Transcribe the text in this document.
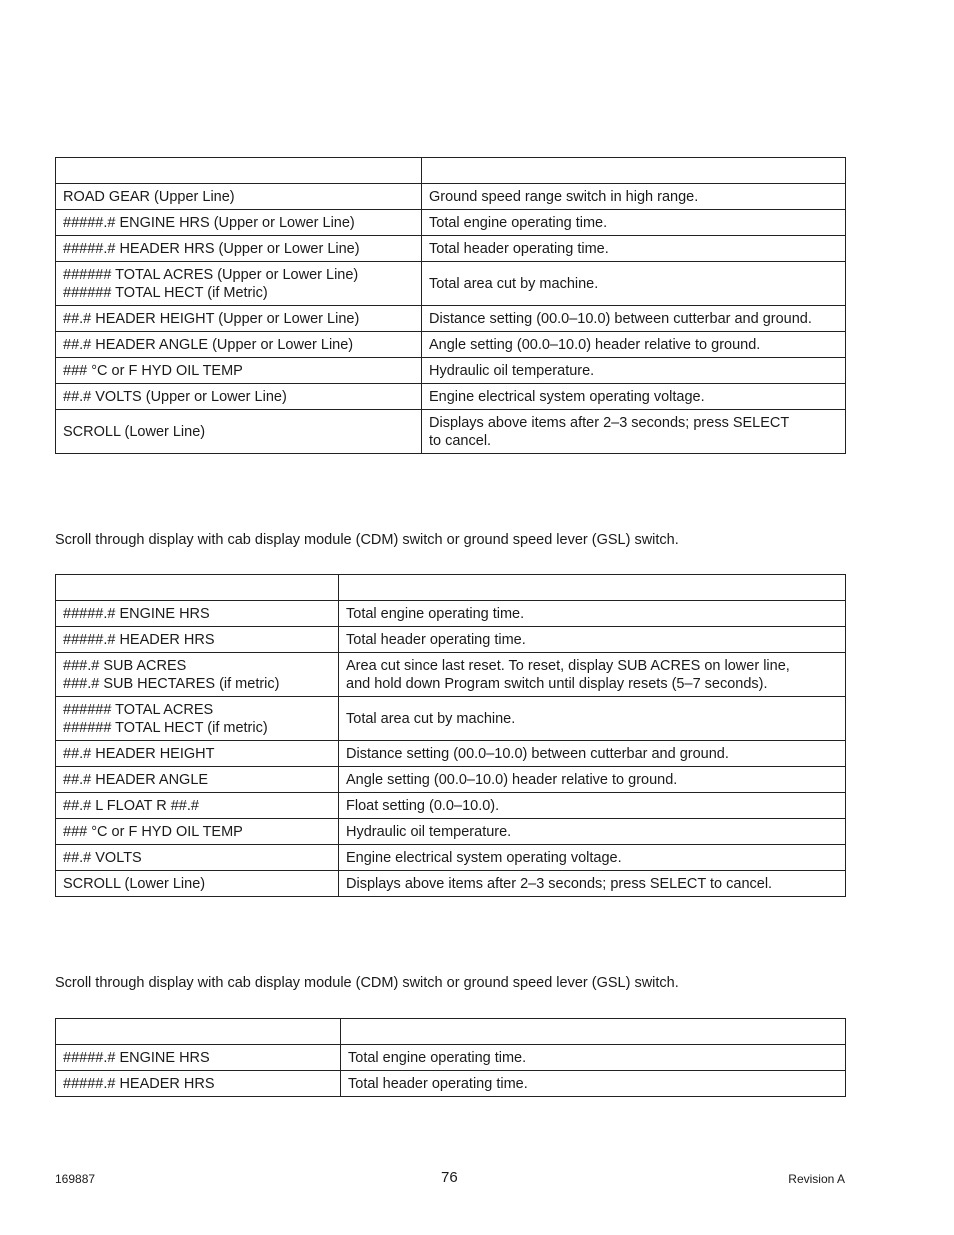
ROAD GEAR (Upper Line)	Ground speed range switch in high range.

#####.# ENGINE HRS (Upper or Lower Line)	Total engine operating time.

#####.# HEADER HRS (Upper or Lower Line)	Total header operating time.

###### TOTAL ACRES (Upper or Lower Line)
###### TOTAL HECT (if Metric)	Total area cut by machine.

##.# HEADER HEIGHT (Upper or Lower Line)	Distance setting (00.0–10.0) between cutterbar and ground.

##.# HEADER ANGLE (Upper or Lower Line)	Angle setting (00.0–10.0) header relative to ground.

### °C or F HYD OIL TEMP	Hydraulic oil temperature.

##.# VOLTS (Upper or Lower Line)	Engine electrical system operating voltage.

SCROLL (Lower Line)	Displays above items after 2–3 seconds; press SELECT
to cancel.
Scroll through display with cab display module (CDM) switch or ground speed lever (GSL) switch.

#####.# ENGINE HRS	Total engine operating time.

#####.# HEADER HRS	Total header operating time.

###.# SUB ACRES
###.# SUB HECTARES (if metric)	Area cut since last reset. To reset, display SUB ACRES on lower line,
and hold down Program switch until display resets (5–7 seconds).

###### TOTAL ACRES
###### TOTAL HECT (if metric)	Total area cut by machine.

##.# HEADER HEIGHT	Distance setting (00.0–10.0) between cutterbar and ground.

##.# HEADER ANGLE	Angle setting (00.0–10.0) header relative to ground.

##.# L FLOAT R ##.#	Float setting (0.0–10.0).

### °C or F HYD OIL TEMP	Hydraulic oil temperature.

##.# VOLTS	Engine electrical system operating voltage.

SCROLL (Lower Line)	Displays above items after 2–3 seconds; press SELECT to cancel.
Scroll through display with cab display module (CDM) switch or ground speed lever (GSL) switch.

#####.# ENGINE HRS	Total engine operating time.

#####.# HEADER HRS	Total header operating time.
169887	76	Revision A
